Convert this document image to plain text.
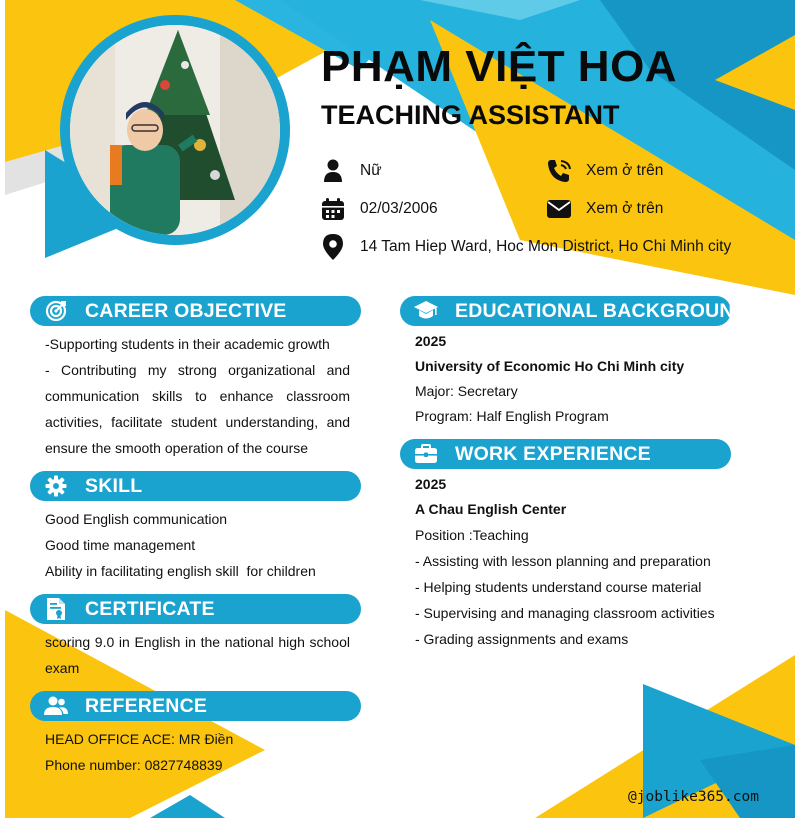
PHẠM VIỆT HOA
TEACHING ASSISTANT
Nữ	Xem ở trên
02/03/2006	Xem ở trên
14 Tam Hiep Ward, Hoc Mon District, Ho Chi Minh city
CAREER OBJECTIVE
-Supporting students in their academic growth
- Contributing my strong organizational and communication skills to enhance classroom activities, facilitate student understanding, and ensure the smooth operation of the course
SKILL
Good English communication
Good time management
Ability in facilitating english skill  for children
CERTIFICATE
scoring 9.0 in English in the national high school exam
REFERENCE
HEAD OFFICE ACE: MR Điền
Phone number: 0827748839
EDUCATIONAL BACKGROUND
2025
University of Economic Ho Chi Minh city
Major: Secretary
Program: Half English Program
WORK EXPERIENCE
2025
A Chau English Center
Position :Teaching
- Assisting with lesson planning and preparation
- Helping students understand course material
- Supervising and managing classroom activities
- Grading assignments and exams
@joblike365.com
